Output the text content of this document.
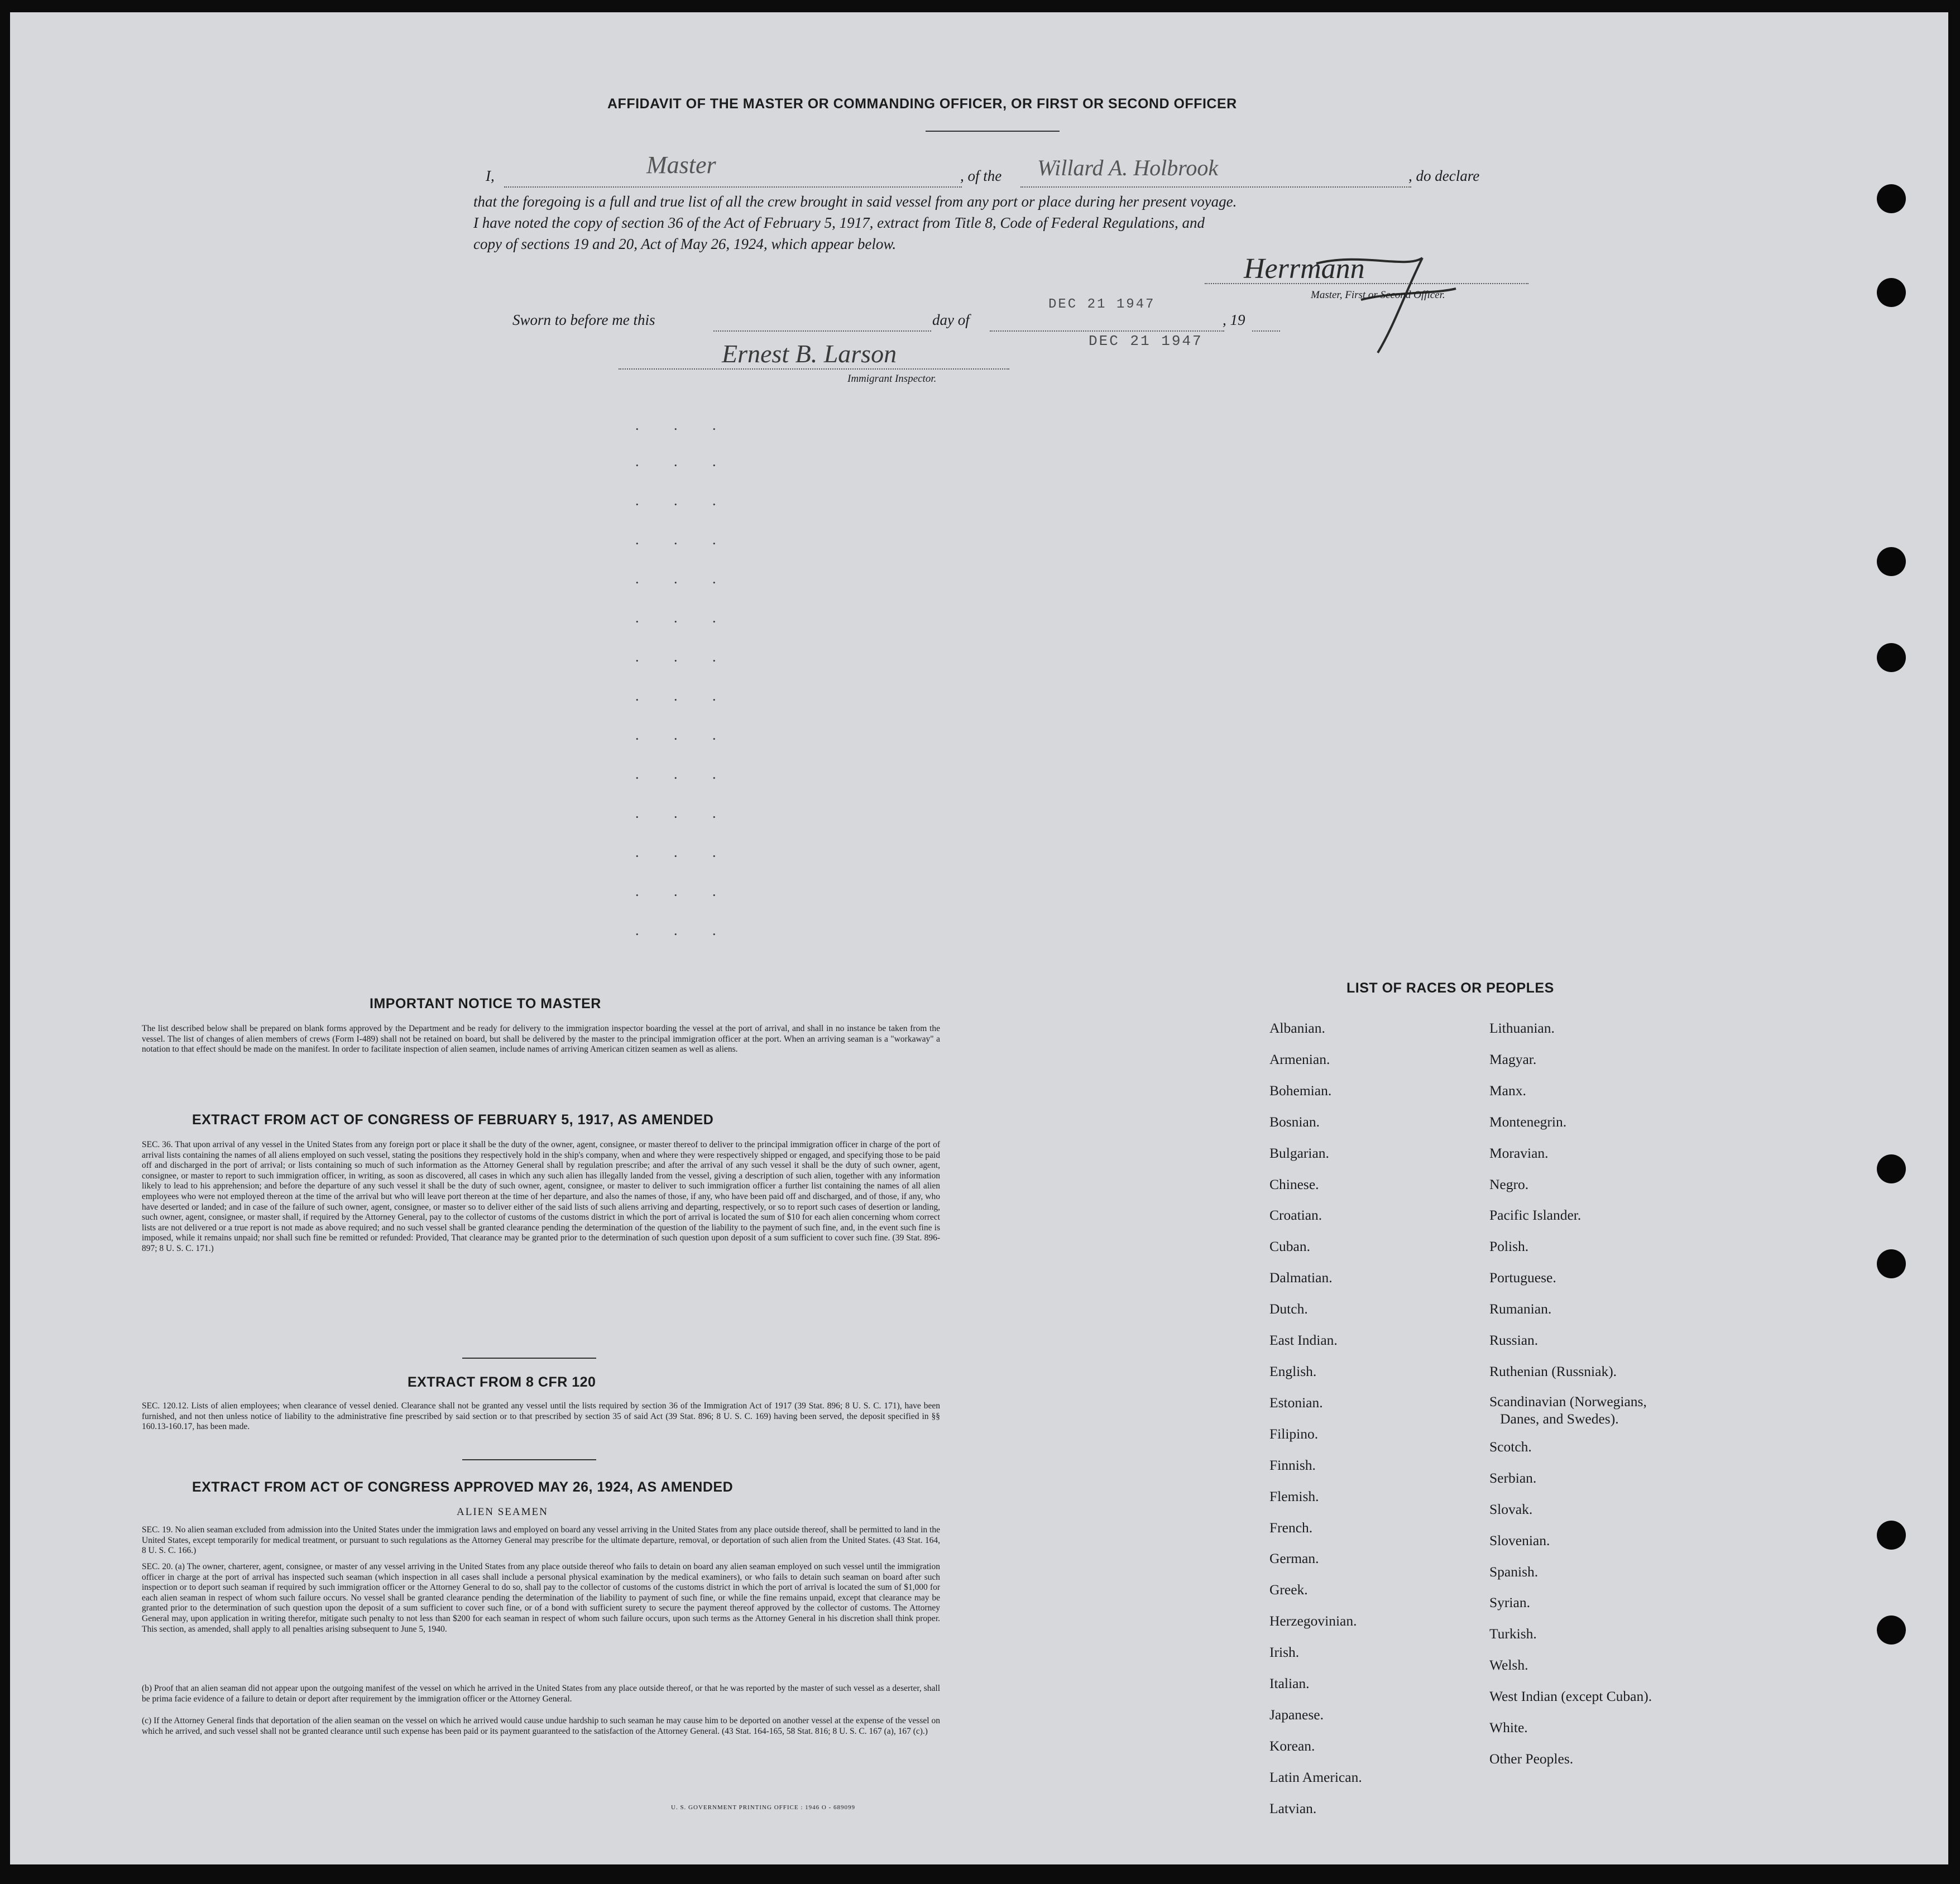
AFFIDAVIT OF THE MASTER OR COMMANDING OFFICER, OR FIRST OR SECOND OFFICER
I,	Master	, of the Willard A. Holbrook	, do declare
that the foregoing is a full and true list of all the crew brought in said vessel from any port or place during her present voyage.
I have noted the copy of section 36 of the Act of February 5, 1917, extract from Title 8, Code of Federal Regulations, and
copy of sections 19 and 20, Act of May 26, 1924, which appear below.
Herrmann
Master, First or Second Officer.
Sworn to before me this	day of
DEC 21 1947
, 19
DEC 21 1947
Ernest B. Larson
Immigrant Inspector.
. . .
. . .
. . .
. . .
. . .
. . .
. . .
. . .
. . .
. . .
. . .
. . .
. . .
. . .
IMPORTANT NOTICE TO MASTER

The list described below shall be prepared on blank forms approved by the Department and be ready for delivery to the immigration inspector boarding the vessel at the port of arrival, and shall in no instance be taken from the vessel. The list of changes of alien members of crews (Form I-489) shall not be retained on board, but shall be delivered by the master to the principal immigration officer at the port. When an arriving seaman is a "workaway" a notation to that effect should be made on the manifest. In order to facilitate inspection of alien seamen, include names of arriving American citizen seamen as well as aliens.

EXTRACT FROM ACT OF CONGRESS OF FEBRUARY 5, 1917, AS AMENDED

SEC. 36. That upon arrival of any vessel in the United States from any foreign port or place it shall be the duty of the owner, agent, consignee, or master thereof to deliver to the principal immigration officer in charge of the port of arrival lists containing the names of all aliens employed on such vessel, stating the positions they respectively hold in the ship's company, when and where they were respectively shipped or engaged, and specifying those to be paid off and discharged in the port of arrival; or lists containing so much of such information as the Attorney General shall by regulation prescribe; and after the arrival of any such vessel it shall be the duty of such owner, agent, consignee, or master to report to such immigration officer, in writing, as soon as discovered, all cases in which any such alien has illegally landed from the vessel, giving a description of such alien, together with any information likely to lead to his apprehension; and before the departure of any such vessel it shall be the duty of such owner, agent, consignee, or master to deliver to such immigration officer a further list containing the names of all alien employees who were not employed thereon at the time of the arrival but who will leave port thereon at the time of her departure, and also the names of those, if any, who have been paid off and discharged, and of those, if any, who have deserted or landed; and in case of the failure of such owner, agent, consignee, or master so to deliver either of the said lists of such aliens arriving and departing, respectively, or so to report such cases of desertion or landing, such owner, agent, consignee, or master shall, if required by the Attorney General, pay to the collector of customs of the customs district in which the port of arrival is located the sum of $10 for each alien concerning whom correct lists are not delivered or a true report is not made as above required; and no such vessel shall be granted clearance pending the determination of the question of the liability to the payment of such fine, and, in the event such fine is imposed, while it remains unpaid; nor shall such fine be remitted or refunded: Provided, That clearance may be granted prior to the determination of such question upon deposit of a sum sufficient to cover such fine. (39 Stat. 896-897; 8 U. S. C. 171.)

EXTRACT FROM 8 CFR 120

SEC. 120.12. Lists of alien employees; when clearance of vessel denied. Clearance shall not be granted any vessel until the lists required by section 36 of the Immigration Act of 1917 (39 Stat. 896; 8 U. S. C. 171), have been furnished, and not then unless notice of liability to the administrative fine prescribed by said section or to that prescribed by section 35 of said Act (39 Stat. 896; 8 U. S. C. 169) having been served, the deposit specified in §§ 160.13-160.17, has been made.

EXTRACT FROM ACT OF CONGRESS APPROVED MAY 26, 1924, AS AMENDED
ALIEN SEAMEN

SEC. 19. No alien seaman excluded from admission into the United States under the immigration laws and employed on board any vessel arriving in the United States from any place outside thereof, shall be permitted to land in the United States, except temporarily for medical treatment, or pursuant to such regulations as the Attorney General may prescribe for the ultimate departure, removal, or deportation of such alien from the United States. (43 Stat. 164, 8 U. S. C. 166.)

SEC. 20. (a) The owner, charterer, agent, consignee, or master of any vessel arriving in the United States from any place outside thereof who fails to detain on board any alien seaman employed on such vessel until the immigration officer in charge at the port of arrival has inspected such seaman (which inspection in all cases shall include a personal physical examination by the medical examiners), or who fails to detain such seaman on board after such inspection or to deport such seaman if required by such immigration officer or the Attorney General to do so, shall pay to the collector of customs of the customs district in which the port of arrival is located the sum of $1,000 for each alien seaman in respect of whom such failure occurs. No vessel shall be granted clearance pending the determination of the liability to payment of such fine, or while the fine remains unpaid, except that clearance may be granted prior to the determination of such question upon the deposit of a sum sufficient to cover such fine, or of a bond with sufficient surety to secure the payment thereof approved by the collector of customs. The Attorney General may, upon application in writing therefor, mitigate such penalty to not less than $200 for each seaman in respect of whom such failure occurs, upon such terms as the Attorney General in his discretion shall think proper. This section, as amended, shall apply to all penalties arising subsequent to June 5, 1940.

(b) Proof that an alien seaman did not appear upon the outgoing manifest of the vessel on which he arrived in the United States from any place outside thereof, or that he was reported by the master of such vessel as a deserter, shall be prima facie evidence of a failure to detain or deport after requirement by the immigration officer or the Attorney General.

(c) If the Attorney General finds that deportation of the alien seaman on the vessel on which he arrived would cause undue hardship to such seaman he may cause him to be deported on another vessel at the expense of the vessel on which he arrived, and such vessel shall not be granted clearance until such expense has been paid or its payment guaranteed to the satisfaction of the Attorney General. (43 Stat. 164-165, 58 Stat. 816; 8 U. S. C. 167 (a), 167 (c).)

U. S. GOVERNMENT PRINTING OFFICE : 1946 O - 689099
LIST OF RACES OR PEOPLES
Albanian.
Armenian.
Bohemian.
Bosnian.
Bulgarian.
Chinese.
Croatian.
Cuban.
Dalmatian.
Dutch.
East Indian.
English.
Estonian.
Filipino.
Finnish.
Flemish.
French.
German.
Greek.
Herzegovinian.
Irish.
Italian.
Japanese.
Korean.
Latin American.
Latvian.
Lithuanian.
Magyar.
Manx.
Montenegrin.
Moravian.
Negro.
Pacific Islander.
Polish.
Portuguese.
Rumanian.
Russian.
Ruthenian (Russniak).
Scandinavian (Norwegians,
Danes, and Swedes).
Scotch.
Serbian.
Slovak.
Slovenian.
Spanish.
Syrian.
Turkish.
Welsh.
West Indian (except Cuban).
White.
Other Peoples.
